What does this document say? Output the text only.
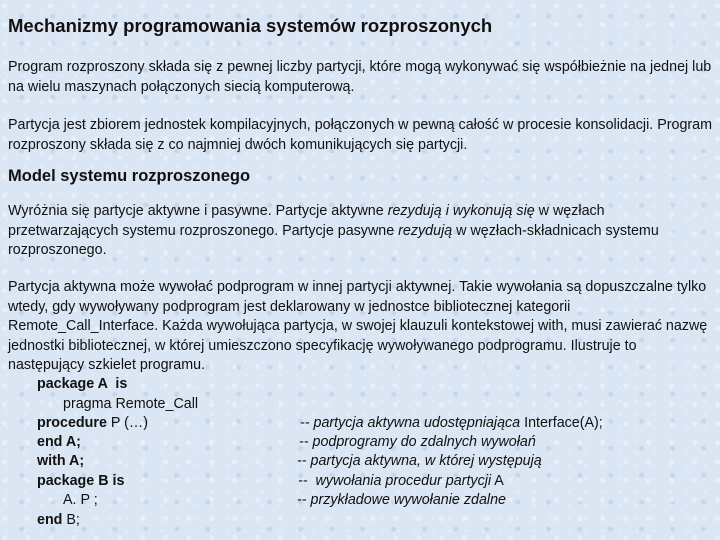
Mechanizmy programowania systemów rozproszonych

Program rozproszony składa się z pewnej liczby partycji, które mogą wykonywać się współbieżnie na jednej lub na wielu maszynach połączonych siecią komputerową.

Partycja jest zbiorem jednostek kompilacyjnych, połączonych w pewną całość w procesie konsolidacji. Program rozproszony składa się z co najmniej dwóch komunikujących się partycji.

Model systemu rozproszonego

Wyróżnia się partycje aktywne i pasywne. Partycje aktywne rezydują i wykonują się w węzłach przetwarzających systemu rozproszonego. Partycje pasywne rezydują w węzłach-składnicach systemu rozproszonego.

Partycja aktywna może wywołać podprogram w innej partycji aktywnej. Takie wywołania są dopuszczalne tylko wtedy, gdy wywoływany podprogram jest deklarowany w jednostce bibliotecznej kategorii Remote_Call_Interface. Każda wywołująca partycja, w swojej klauzuli kontekstowej with, musi zawierać nazwę jednostki bibliotecznej, w której umieszczono specyfikację wywoływanego podprogramu. Ilustruje to następujący szkielet programu.

package A  is

pragma Remote_Call

procedure P (…)

end A;

with A;

package B is

A. P ;

end B;

-- partycja aktywna udostępniająca Interface(A);

-- podprogramy do zdalnych wywołań

-- partycja aktywna, w której występują

--  wywołania procedur partycji A

-- przykładowe wywołanie zdalne
